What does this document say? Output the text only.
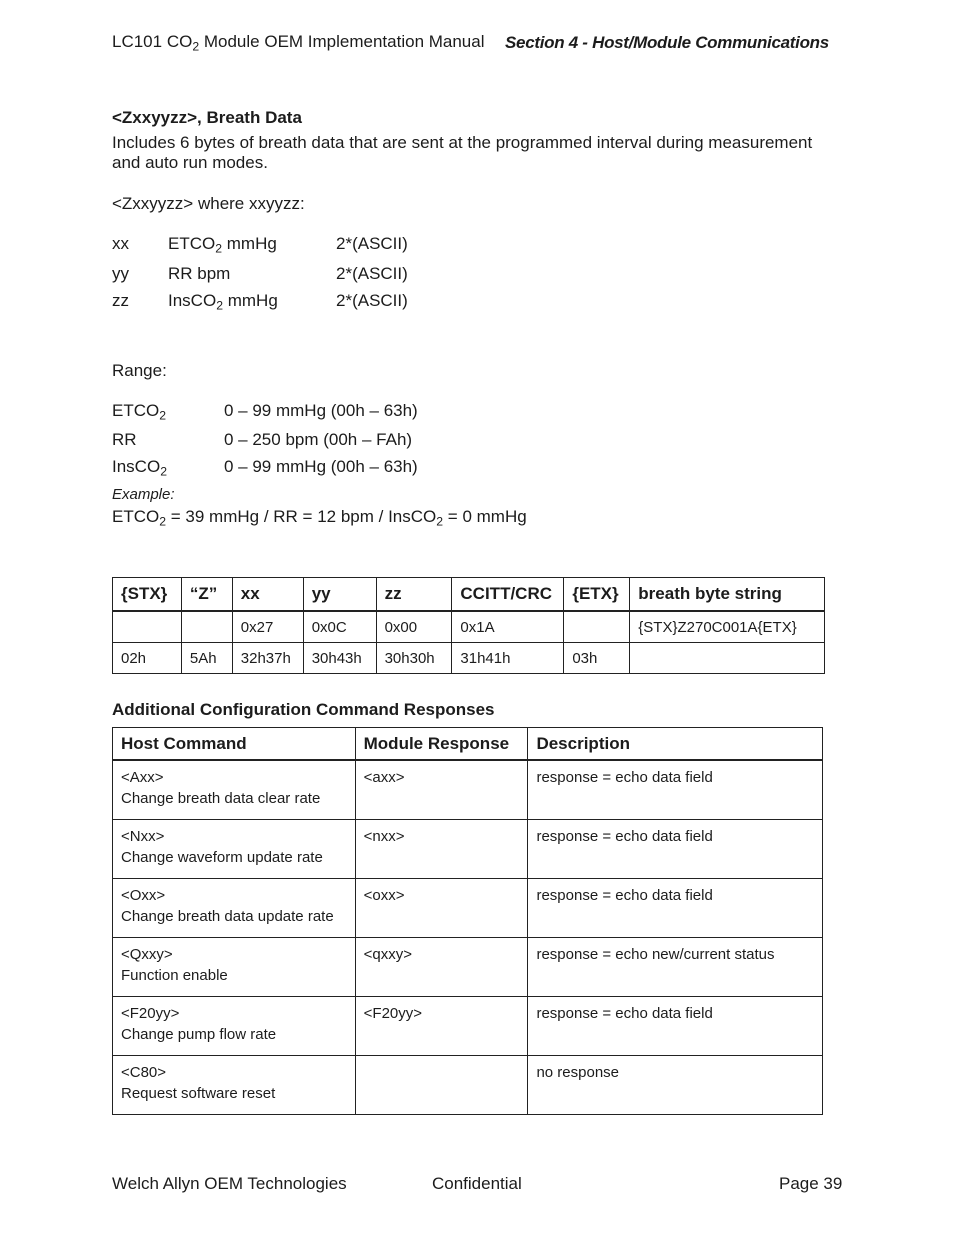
LC101 $CO_2$ Module OEM Implementation Manual Section 4 - Host/Module Communications
<Zxxyyzz>, Breath Data
Includes 6 bytes of breath data that are sent at the programmed interval during measurement
and auto run modes.
<Zxxyyzz> where xxyyzz:
xx $ETCO_2$ mmHg	2*(ASCII)
yy RR bpm	2*(ASCII)
zz InsCO$_2$ mmHg	2*(ASCII)
Range:
$ETCO_2$	0 – 99 mmHg (00h – 63h)
RR	0 – 250 bpm (00h – FAh)
InsCO$_2$	0 – 99 mmHg (00h – 63h)
Example:
$ETCO_2 = 39$ mmHg / RR = 12 bpm / InsCO$_2$ = 0 mmHg
{STX}	“Z”	xx	yy	zz	CCITT/CRC	{ETX}	breath byte string
		0x27	0x0C	0x00	0x1A		{STX}Z270C001A{ETX}
02h	5Ah	32h37h	30h43h	30h30h	31h41h	03h	
Additional Configuration Command Responses
Host Command	Module Response	Description

<Axx>
Change breath data clear rate	<axx>	response = echo data field

<Nxx>
Change waveform update rate	<nxx>	response = echo data field

<Oxx>
Change breath data update rate	<oxx>	response = echo data field

<Qxxy>
Function enable	<qxxy>	response = echo new/current status

<F20yy>
Change pump flow rate	<F20yy>	response = echo data field

<C80>
Request software reset		no response
Welch Allyn OEM Technologies	Confidential	Page 39
